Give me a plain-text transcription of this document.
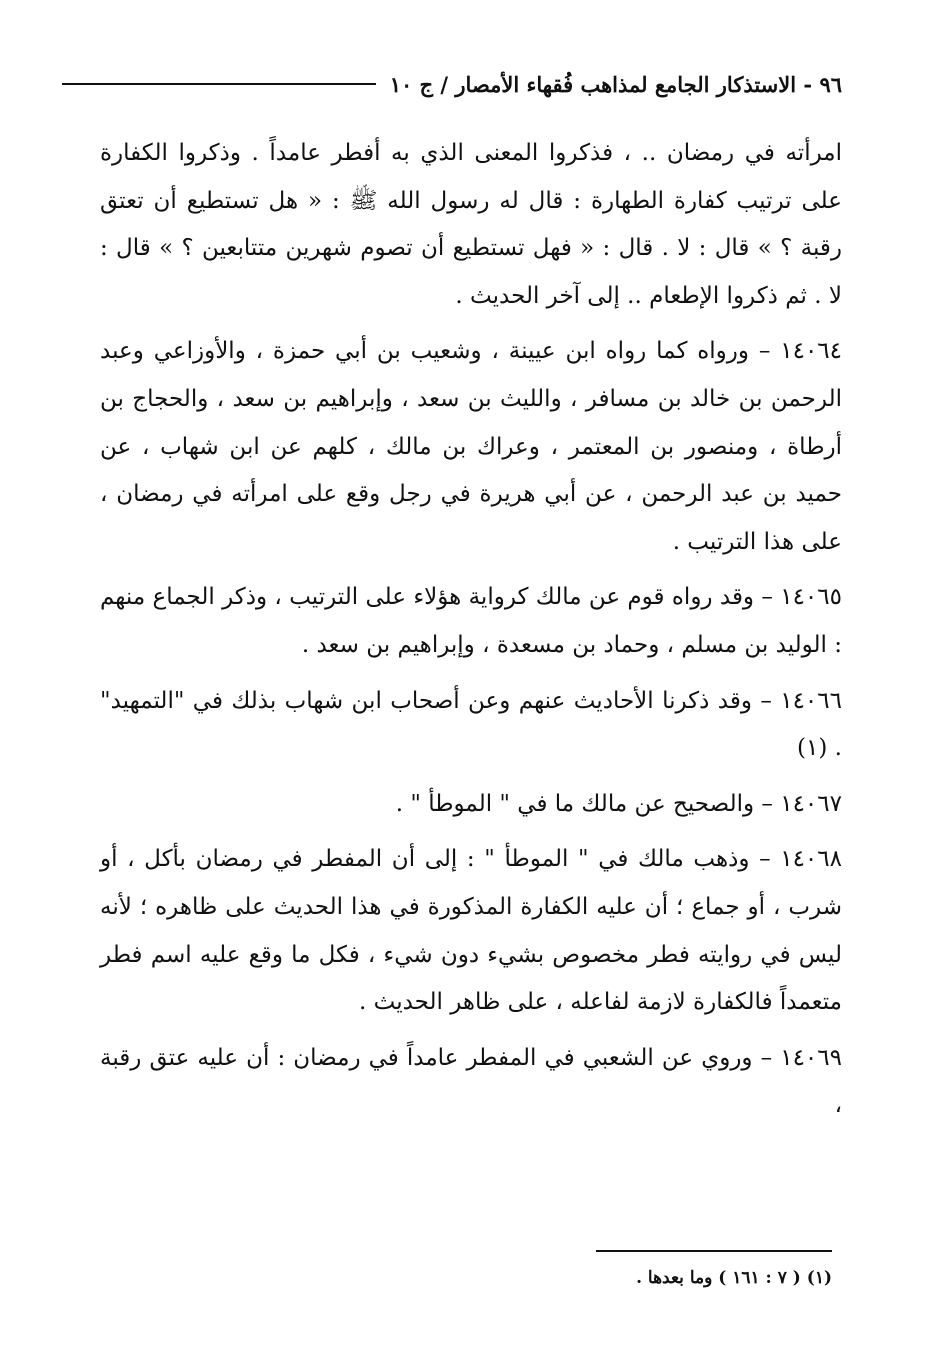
٩٦ - الاستذكار الجامع لمذاهب فُقهاء الأمصار / ج ١٠

امرأته في رمضان .. ، فذكروا المعنى الذي به أفطر عامداً . وذكروا الكفارة على ترتيب كفارة الطهارة : قال له رسول الله ﷺ : « هل تستطيع أن تعتق رقبة ؟ » قال : لا . قال : « فهل تستطيع أن تصوم شهرين متتابعين ؟ » قال : لا . ثم ذكروا الإطعام .. إلى آخر الحديث .

١٤٠٦٤ – ورواه كما رواه ابن عيينة ، وشعيب بن أبي حمزة ، والأوزاعي وعبد الرحمن بن خالد بن مسافر ، والليث بن سعد ، وإبراهيم بن سعد ، والحجاج بن أرطاة ، ومنصور بن المعتمر ، وعراك بن مالك ، كلهم عن ابن شهاب ، عن حميد بن عبد الرحمن ، عن أبي هريرة في رجل وقع على امرأته في رمضان ، على هذا الترتيب .

١٤٠٦٥ – وقد رواه قوم عن مالك كرواية هؤلاء على الترتيب ، وذكر الجماع منهم : الوليد بن مسلم ، وحماد بن مسعدة ، وإبراهيم بن سعد .

١٤٠٦٦ – وقد ذكرنا الأحاديث عنهم وعن أصحاب ابن شهاب بذلك في "التمهيد" . (١)

١٤٠٦٧ – والصحيح عن مالك ما في " الموطأ " .

١٤٠٦٨ – وذهب مالك في " الموطأ " : إلى أن المفطر في رمضان بأكل ، أو شرب ، أو جماع ؛ أن عليه الكفارة المذكورة في هذا الحديث على ظاهره ؛ لأنه ليس في روايته فطر مخصوص بشيء دون شيء ، فكل ما وقع عليه اسم فطر متعمداً فالكفارة لازمة لفاعله ، على ظاهر الحديث .

١٤٠٦٩ – وروي عن الشعبي في المفطر عامداً في رمضان : أن عليه عتق رقبة ،

(١) ( ٧ : ١٦١ ) وما بعدها .
